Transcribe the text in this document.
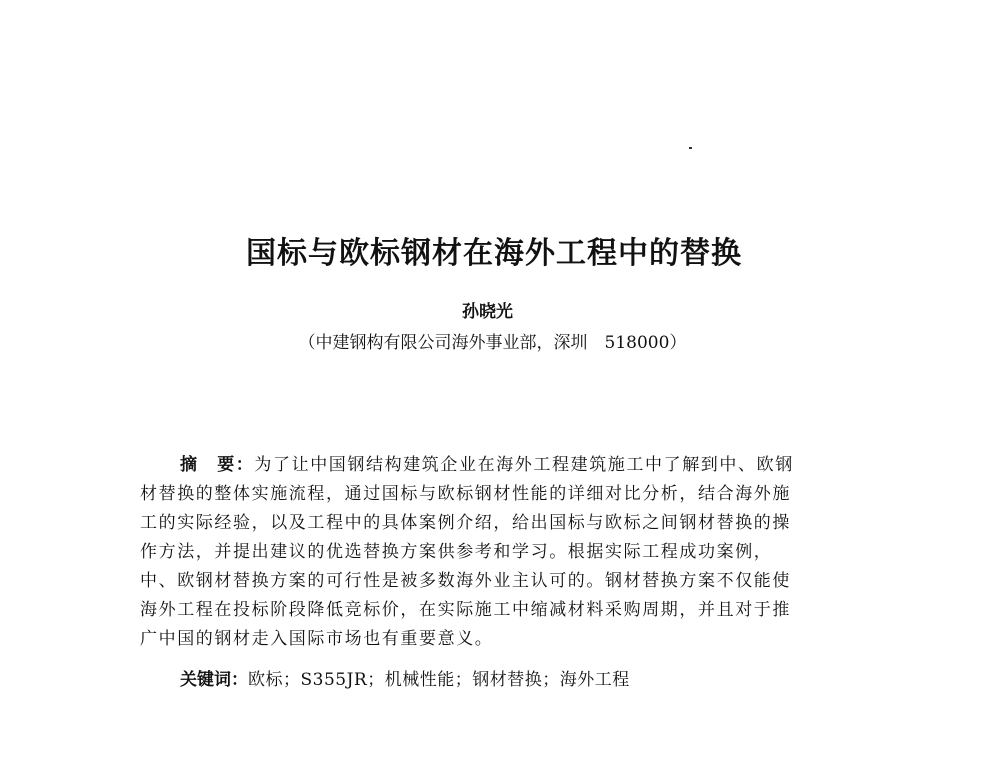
国标与欧标钢材在海外工程中的替换
孙晓光
（中建钢构有限公司海外事业部，深圳　518000）
摘　要：为了让中国钢结构建筑企业在海外工程建筑施工中了解到中、欧钢
材替换的整体实施流程，通过国标与欧标钢材性能的详细对比分析，结合海外施
工的实际经验，以及工程中的具体案例介绍，给出国标与欧标之间钢材替换的操
作方法，并提出建议的优选替换方案供参考和学习。根据实际工程成功案例，
中、欧钢材替换方案的可行性是被多数海外业主认可的。钢材替换方案不仅能使
海外工程在投标阶段降低竞标价，在实际施工中缩减材料采购周期，并且对于推
广中国的钢材走入国际市场也有重要意义。
关键词：欧标；S355JR；机械性能；钢材替换；海外工程
